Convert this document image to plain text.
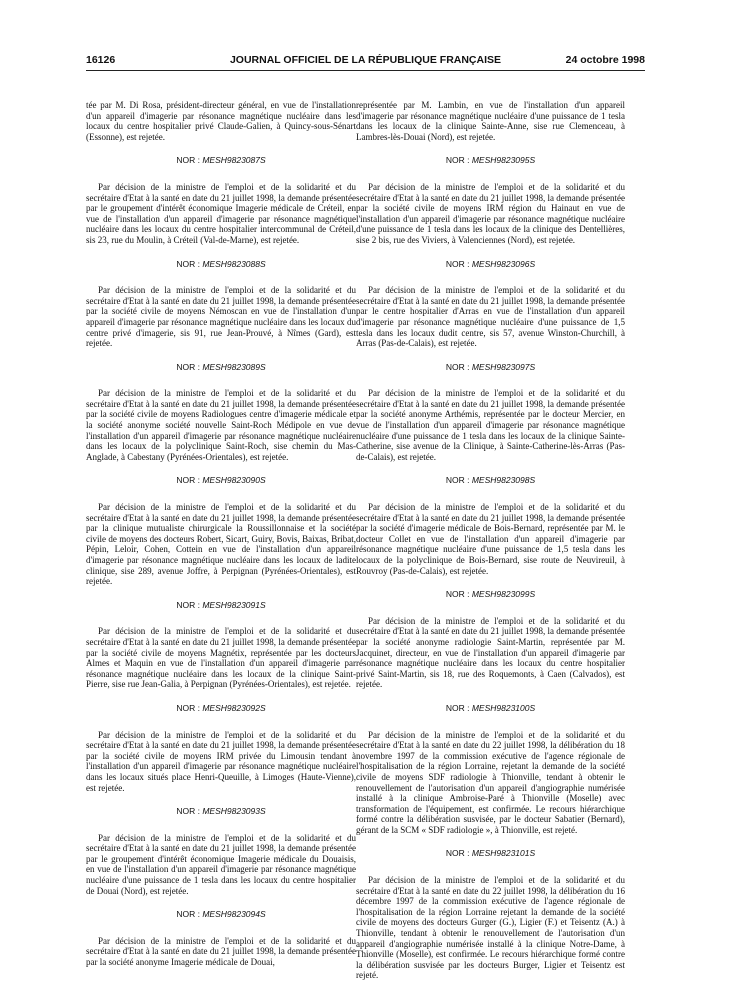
16126	JOURNAL OFFICIEL DE LA RÉPUBLIQUE FRANÇAISE	24 octobre 1998

tée par M. Di Rosa, président-directeur général, en vue de l'installation d'un appareil d'imagerie par résonance magnétique nucléaire dans les locaux du centre hospitalier privé Claude-Galien, à Quincy-sous-Sénart (Essonne), est rejetée.

NOR : MESH9823087S

Par décision de la ministre de l'emploi et de la solidarité et du secrétaire d'Etat à la santé en date du 21 juillet 1998, la demande présentée par le groupement d'intérêt économique Imagerie médicale de Créteil, en vue de l'installation d'un appareil d'imagerie par résonance magnétique nucléaire dans les locaux du centre hospitalier intercommunal de Créteil, sis 23, rue du Moulin, à Créteil (Val-de-Marne), est rejetée.

NOR : MESH9823088S

Par décision de la ministre de l'emploi et de la solidarité et du secrétaire d'Etat à la santé en date du 21 juillet 1998, la demande présentée par la société civile de moyens Némoscan en vue de l'installation d'un appareil d'imagerie par résonance magnétique nucléaire dans les locaux du centre privé d'imagerie, sis 91, rue Jean-Prouvé, à Nîmes (Gard), est rejetée.

NOR : MESH9823089S

Par décision de la ministre de l'emploi et de la solidarité et du secrétaire d'Etat à la santé en date du 21 juillet 1998, la demande présentée par la société civile de moyens Radiologues centre d'imagerie médicale et la société anonyme société nouvelle Saint-Roch Médipole en vue de l'installation d'un appareil d'imagerie par résonance magnétique nucléaire dans les locaux de la polyclinique Saint-Roch, sise chemin du Mas-Anglade, à Cabestany (Pyrénées-Orientales), est rejetée.

NOR : MESH9823090S

Par décision de la ministre de l'emploi et de la solidarité et du secrétaire d'Etat à la santé en date du 21 juillet 1998, la demande présentée par la clinique mutualiste chirurgicale la Roussillonnaise et la société civile de moyens des docteurs Robert, Sicart, Guiry, Bovis, Baixas, Bribat, Pépin, Leloir, Cohen, Cottein en vue de l'installation d'un appareil d'imagerie par résonance magnétique nucléaire dans les locaux de ladite clinique, sise 289, avenue Joffre, à Perpignan (Pyrénées-Orientales), est rejetée.

NOR : MESH9823091S

Par décision de la ministre de l'emploi et de la solidarité et du secrétaire d'Etat à la santé en date du 21 juillet 1998, la demande présentée par la société civile de moyens Magnétix, représentée par les docteurs Almes et Maquin en vue de l'installation d'un appareil d'imagerie par résonance magnétique nucléaire dans les locaux de la clinique Saint-Pierre, sise rue Jean-Galia, à Perpignan (Pyrénées-Orientales), est rejetée.

NOR : MESH9823092S

Par décision de la ministre de l'emploi et de la solidarité et du secrétaire d'Etat à la santé en date du 21 juillet 1998, la demande présentée par la société civile de moyens IRM privée du Limousin tendant à l'installation d'un appareil d'imagerie par résonance magnétique nucléaire dans les locaux situés place Henri-Queuille, à Limoges (Haute-Vienne), est rejetée.

NOR : MESH9823093S

Par décision de la ministre de l'emploi et de la solidarité et du secrétaire d'Etat à la santé en date du 21 juillet 1998, la demande présentée par le groupement d'intérêt économique Imagerie médicale du Douaisis, en vue de l'installation d'un appareil d'imagerie par résonance magnétique nucléaire d'une puissance de 1 tesla dans les locaux du centre hospitalier de Douai (Nord), est rejetée.

NOR : MESH9823094S

Par décision de la ministre de l'emploi et de la solidarité et du secrétaire d'Etat à la santé en date du 21 juillet 1998, la demande présentée par la société anonyme Imagerie médicale de Douai,

représentée par M. Lambin, en vue de l'installation d'un appareil d'imagerie par résonance magnétique nucléaire d'une puissance de 1 tesla dans les locaux de la clinique Sainte-Anne, sise rue Clemenceau, à Lambres-lès-Douai (Nord), est rejetée.

NOR : MESH9823095S

Par décision de la ministre de l'emploi et de la solidarité et du secrétaire d'Etat à la santé en date du 21 juillet 1998, la demande présentée par la société civile de moyens IRM région du Hainaut en vue de l'installation d'un appareil d'imagerie par résonance magnétique nucléaire d'une puissance de 1 tesla dans les locaux de la clinique des Dentellières, sise 2 bis, rue des Viviers, à Valenciennes (Nord), est rejetée.

NOR : MESH9823096S

Par décision de la ministre de l'emploi et de la solidarité et du secrétaire d'Etat à la santé en date du 21 juillet 1998, la demande présentée par le centre hospitalier d'Arras en vue de l'installation d'un appareil d'imagerie par résonance magnétique nucléaire d'une puissance de 1,5 tesla dans les locaux dudit centre, sis 57, avenue Winston-Churchill, à Arras (Pas-de-Calais), est rejetée.

NOR : MESH9823097S

Par décision de la ministre de l'emploi et de la solidarité et du secrétaire d'Etat à la santé en date du 21 juillet 1998, la demande présentée par la société anonyme Arthémis, représentée par le docteur Mercier, en vue de l'installation d'un appareil d'imagerie par résonance magnétique nucléaire d'une puissance de 1 tesla dans les locaux de la clinique Sainte-Catherine, sise avenue de la Clinique, à Sainte-Catherine-lès-Arras (Pas-de-Calais), est rejetée.

NOR : MESH9823098S

Par décision de la ministre de l'emploi et de la solidarité et du secrétaire d'Etat à la santé en date du 21 juillet 1998, la demande présentée par la société d'imagerie médicale de Bois-Bernard, représentée par M. le docteur Collet en vue de l'installation d'un appareil d'imagerie par résonance magnétique nucléaire d'une puissance de 1,5 tesla dans les locaux de la polyclinique de Bois-Bernard, sise route de Neuvireuil, à Rouvroy (Pas-de-Calais), est rejetée.

NOR : MESH9823099S

Par décision de la ministre de l'emploi et de la solidarité et du secrétaire d'Etat à la santé en date du 21 juillet 1998, la demande présentée par la société anonyme radiologie Saint-Martin, représentée par M. Jacquinet, directeur, en vue de l'installation d'un appareil d'imagerie par résonance magnétique nucléaire dans les locaux du centre hospitalier privé Saint-Martin, sis 18, rue des Roquemonts, à Caen (Calvados), est rejetée.

NOR : MESH9823100S

Par décision de la ministre de l'emploi et de la solidarité et du secrétaire d'Etat à la santé en date du 22 juillet 1998, la délibération du 18 novembre 1997 de la commission exécutive de l'agence régionale de l'hospitalisation de la région Lorraine, rejetant la demande de la société civile de moyens SDF radiologie à Thionville, tendant à obtenir le renouvellement de l'autorisation d'un appareil d'angiographie numérisée installé à la clinique Ambroise-Paré à Thionville (Moselle) avec transformation de l'équipement, est confirmée. Le recours hiérarchique formé contre la délibération susvisée, par le docteur Sabatier (Bernard), gérant de la SCM « SDF radiologie », à Thionville, est rejeté.

NOR : MESH9823101S

Par décision de la ministre de l'emploi et de la solidarité et du secrétaire d'Etat à la santé en date du 22 juillet 1998, la délibération du 16 décembre 1997 de la commission exécutive de l'agence régionale de l'hospitalisation de la région Lorraine rejetant la demande de la société civile de moyens des docteurs Gurger (G.), Ligier (F.) et Teisentz (A.) à Thionville, tendant à obtenir le renouvellement de l'autorisation d'un appareil d'angiographie numérisée installé à la clinique Notre-Dame, à Thionville (Moselle), est confirmée. Le recours hiérarchique formé contre la délibération susvisée par les docteurs Burger, Ligier et Teisentz est rejeté.
